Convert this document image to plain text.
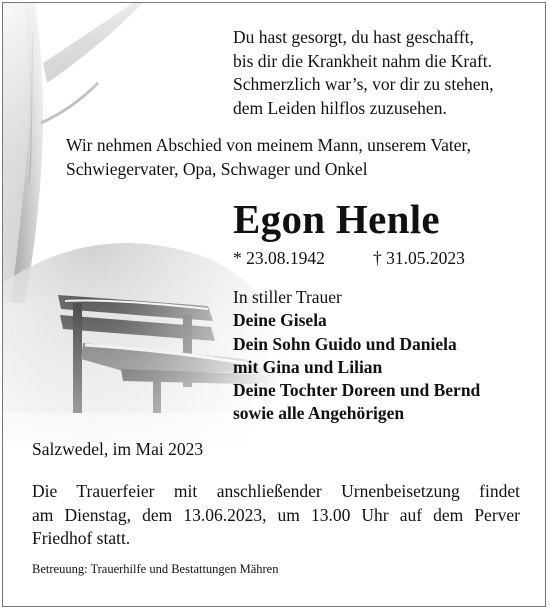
Du hast gesorgt, du hast geschafft,
bis dir die Krankheit nahm die Kraft.
Schmerzlich war’s, vor dir zu stehen,
dem Leiden hilflos zuzusehen.
Wir nehmen Abschied von meinem Mann, unserem Vater,
Schwiegervater, Opa, Schwager und Onkel
Egon Henle
* 23.08.1942	† 31.05.2023
In stiller Trauer
Deine Gisela
Dein Sohn Guido und Daniela
mit Gina und Lilian
Deine Tochter Doreen und Bernd
sowie alle Angehörigen
Salzwedel, im Mai 2023
Die Trauerfeier mit anschließender Urnenbeisetzung findet
am Dienstag, dem 13.06.2023, um 13.00 Uhr auf dem Perver
Friedhof statt.
Betreuung: Trauerhilfe und Bestattungen Mähren
